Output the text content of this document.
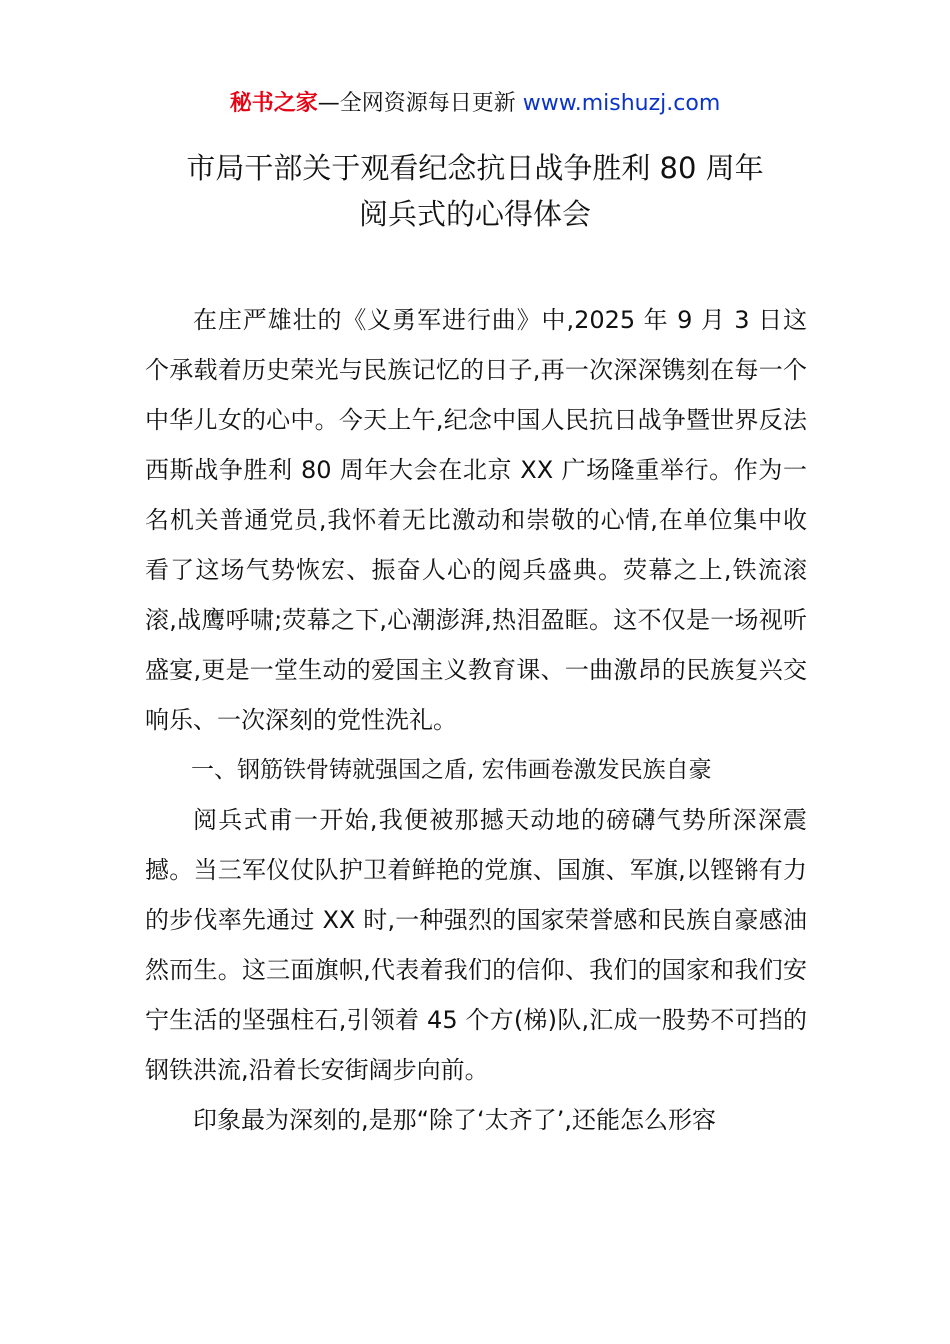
秘书之家—全网资源每日更新 www.mishuzj.com
市局干部关于观看纪念抗日战争胜利 80 周年
阅兵式的心得体会

在庄严雄壮的《义勇军进行曲》中,2025 年 9 月 3 日这个承载着历史荣光与民族记忆的日子,再一次深深镌刻在每一个中华儿女的心中。今天上午,纪念中国人民抗日战争暨世界反法西斯战争胜利 80 周年大会在北京 XX 广场隆重举行。作为一名机关普通党员,我怀着无比激动和崇敬的心情,在单位集中收看了这场气势恢宏、振奋人心的阅兵盛典。荧幕之上,铁流滚滚,战鹰呼啸;荧幕之下,心潮澎湃,热泪盈眶。这不仅是一场视听盛宴,更是一堂生动的爱国主义教育课、一曲激昂的民族复兴交响乐、一次深刻的党性洗礼。

一、钢筋铁骨铸就强国之盾, 宏伟画卷激发民族自豪

阅兵式甫一开始,我便被那撼天动地的磅礴气势所深深震撼。当三军仪仗队护卫着鲜艳的党旗、国旗、军旗,以铿锵有力的步伐率先通过 XX 时,一种强烈的国家荣誉感和民族自豪感油然而生。这三面旗帜,代表着我们的信仰、我们的国家和我们安宁生活的坚强柱石,引领着 45 个方(梯)队,汇成一股势不可挡的钢铁洪流,沿着长安街阔步向前。

印象最为深刻的,是那“除了‘太齐了’,还能怎么形容
